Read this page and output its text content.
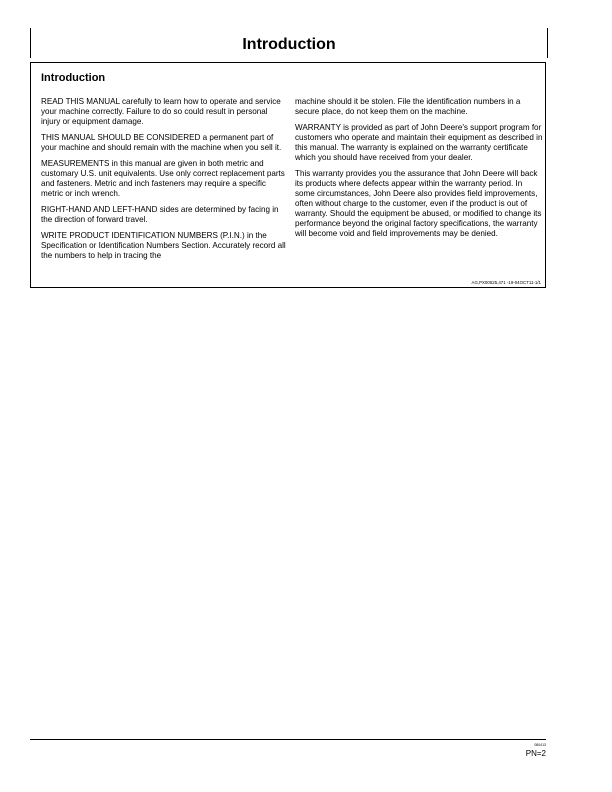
Introduction
Introduction

READ THIS MANUAL carefully to learn how to operate and service your machine correctly. Failure to do so could result in personal injury or equipment damage.

THIS MANUAL SHOULD BE CONSIDERED a permanent part of your machine and should remain with the machine when you sell it.

MEASUREMENTS in this manual are given in both metric and customary U.S. unit equivalents. Use only correct replacement parts and fasteners. Metric and inch fasteners may require a specific metric or inch wrench.

RIGHT-HAND AND LEFT-HAND sides are determined by facing in the direction of forward travel.

WRITE PRODUCT IDENTIFICATION NUMBERS (P.I.N.) in the Specification or Identification Numbers Section. Accurately record all the numbers to help in tracing the

machine should it be stolen. File the identification numbers in a secure place, do not keep them on the machine.

WARRANTY is provided as part of John Deere's support program for customers who operate and maintain their equipment as described in this manual. The warranty is explained on the warranty certificate which you should have received from your dealer.

This warranty provides you the assurance that John Deere will back its products where defects appear within the warranty period. In some circumstances, John Deere also provides field improvements, often without charge to the customer, even if the product is out of warranty. Should the equipment be abused, or modified to change its performance beyond the original factory specifications, the warranty will become void and field improvements may be denied.

AG,PX00525,471 -19-04OCT11-1/1
080413
PN=2
